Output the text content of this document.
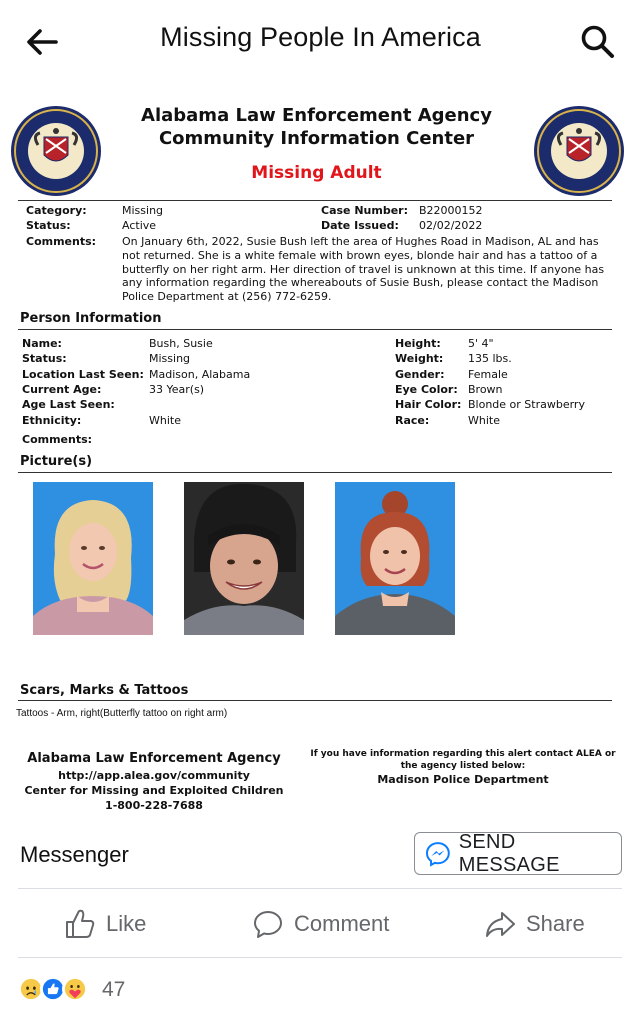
Missing People In America
Alabama Law Enforcement Agency
Community Information Center
Missing Adult
Category:	Missing
Status:	Active
Comments: On January 6th, 2022, Susie Bush left the area of Hughes Road in Madison, AL and has not returned. She is a white female with brown eyes, blonde hair and has a tattoo of a butterfly on her right arm. Her direction of travel is unknown at this time. If anyone has any information regarding the whereabouts of Susie Bush, please contact the Madison Police Department at (256) 772-6259.
Case Number: B22000152
Date Issued: 02/02/2022
Person Information
Name:	Bush, Susie
Status:	Missing
Location Last Seen: Madison, Alabama
Current Age:	33 Year(s)
Age Last Seen:
Ethnicity:	White
Comments:
Height: 5' 4"
Weight: 135 lbs.
Gender: Female
Eye Color: Brown
Hair Color: Blonde or Strawberry
Race:	White
Picture(s)
Scars, Marks & Tattoos
Tattoos - Arm, right(Butterfly tattoo on right arm)
Alabama Law Enforcement Agency
http://app.alea.gov/community
Center for Missing and Exploited Children
1-800-228-7688
If you have information regarding this alert contact ALEA or
the agency listed below:
Madison Police Department
Messenger
SEND MESSAGE
Like	Comment	Share
47
